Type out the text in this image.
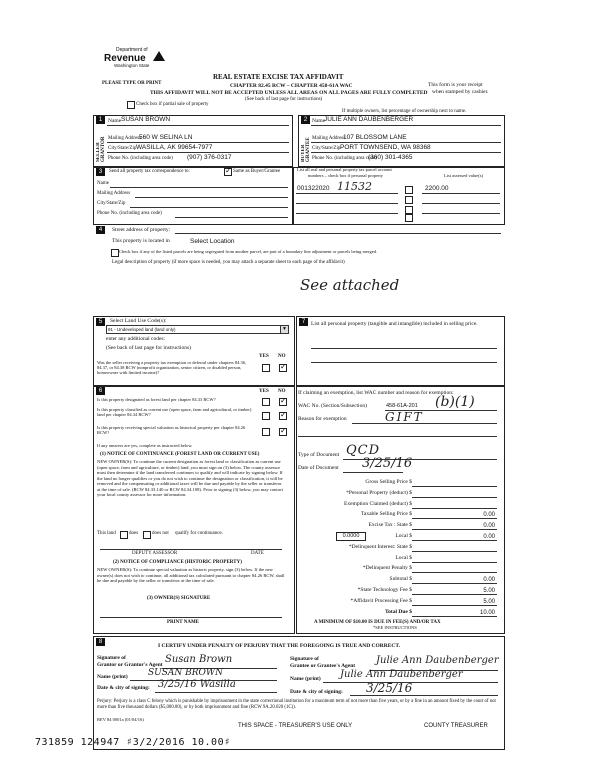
Department of
Revenue
Washington State
PLEASE TYPE OR PRINT
REAL ESTATE EXCISE TAX AFFIDAVIT
CHAPTER 82.45 RCW – CHAPTER 458-61A WAC
THIS AFFIDAVIT WILL NOT BE ACCEPTED UNLESS ALL AREAS ON ALL PAGES ARE FULLY COMPLETED
(See back of last page for instructions)
This form is your receipt
when stamped by cashier.
Check box if partial sale of property
If multiple owners, list percentage of ownership next to name.
1
SELLER GRANTOR
Name SUSAN BROWN
Mailing Address
560 W SELINA LN
City/State/Zip WASILLA, AK 99654-7977
Phone No. (including area code) (907) 376-0317
2
BUYER GRANTEE
Name
JULIE ANN DAUBENBERGER
Mailing Address
107 BLOSSOM LANE
City/State/Zip PORT TOWNSEND, WA 98368
Phone No. (including area code)
(360) 301-4365
3	Send all property tax correspondence to:
✓	Same as Buyer/Grantee
Name
Mailing Address
City/State/Zip
Phone No. (including area code)
List all real and personal property tax parcel account
numbers – check box if personal property	List assessed value(s)
001322020 11532	2200.00
4	Street address of property:
This property is located in	Select Location
Check box if any of the listed parcels are being segregated from another parcel, are part of a boundary line adjustment or parcels being merged.
Legal description of property (if more space is needed, you may attach a separate sheet to each page of the affidavit)
See attached
5	Select Land Use Code(s):
91 - Undeveloped land (land only)	▼
enter any additional codes:
(See back of last page for instructions)
YES NO
Was the seller receiving a property tax exemption or deferral under chapters 84.36, 84.37, or 84.38 RCW (nonprofit organization, senior citizen, or disabled person, homeowner with limited income)?
✓
7	List all personal property (tangible and intangible) included in selling price.
6	YES NO
Is this property designated as forest land per chapter 84.33 RCW?
✓
Is this property classified as current use (open space, farm and agricultural, or timber) land per chapter 84.34 RCW?
✓
Is this property receiving special valuation as historical property per chapter 84.26 RCW?
✓
If any answers are yes, complete as instructed below.
(1) NOTICE OF CONTINUANCE (FOREST LAND OR CURRENT USE)
NEW OWNER(S): To continue the current designation as forest land or classification as current use (open space, farm and agriculture, or timber) land, you must sign on (3) below. The county assessor must then determine if the land transferred continues to qualify and will indicate by signing below. If the land no longer qualifies or you do not wish to continue the designation or classification, it will be removed and the compensating or additional taxes will be due and payable by the seller or transferor at the time of sale. (RCW 84.33.140 or RCW 84.34.108). Prior to signing (3) below, you may contact your local county assessor for more information.
This land	does	does not qualify for continuance.
DEPUTY ASSESSOR	DATE
(2) NOTICE OF COMPLIANCE (HISTORIC PROPERTY)
NEW OWNER(S): To continue special valuation as historic property, sign (3) below. If the new owner(s) does not wish to continue, all additional tax calculated pursuant to chapter 84.26 RCW, shall be due and payable by the seller or transferor at the time of sale.
(3) OWNER(S) SIGNATURE
PRINT NAME
If claiming an exemption, list WAC number and reason for exemption:
WAC No. (Section/Subsection)	458-61A-201 (b)(1)
Reason for exemption	GIFT
Type of Document QCD
Date of Document 3/25/16
Gross Selling Price $
*Personal Property (deduct) $
Exemption Claimed (deduct) $
Taxable Selling Price $	0.00
Excise Tax : State $	0.00
Local $	0.00
*Delinquent Interest: State $
Local $
*Delinquent Penalty $
Subtotal $	0.00
*State Technology Fee $	5.00
*Affidavit Processing Fee $	5.00
Total Due $	10.00
0.0000
A MINIMUM OF $10.00 IS DUE IN FEE(S) AND/OR TAX
*SEE INSTRUCTIONS
8
I CERTIFY UNDER PENALTY OF PERJURY THAT THE FOREGOING IS TRUE AND CORRECT.
Signature of
Grantor or Grantor's Agent Susan Brown
Name (print) SUSAN BROWN
Date & city of signing: 3/25/16 Wasilla
Signature of
Grantee or Grantee's Agent Julie Ann Daubenberger
Name (print) Julie Ann Daubenberger
Date & city of signing: 3/25/16
Perjury: Perjury is a class C felony which is punishable by imprisonment in the state correctional institution for a maximum term of not more than five years, or by a fine in an amount fixed by the court of not more than five thousand dollars ($5,000.00), or by both imprisonment and fine (RCW 9A.20.020 (1C)).
REV 84 0001a (01/04/16)
THIS SPACE - TREASURER'S USE ONLY	COUNTY TREASURER
731859 124947 ♯3/2/2016 10.00♯
